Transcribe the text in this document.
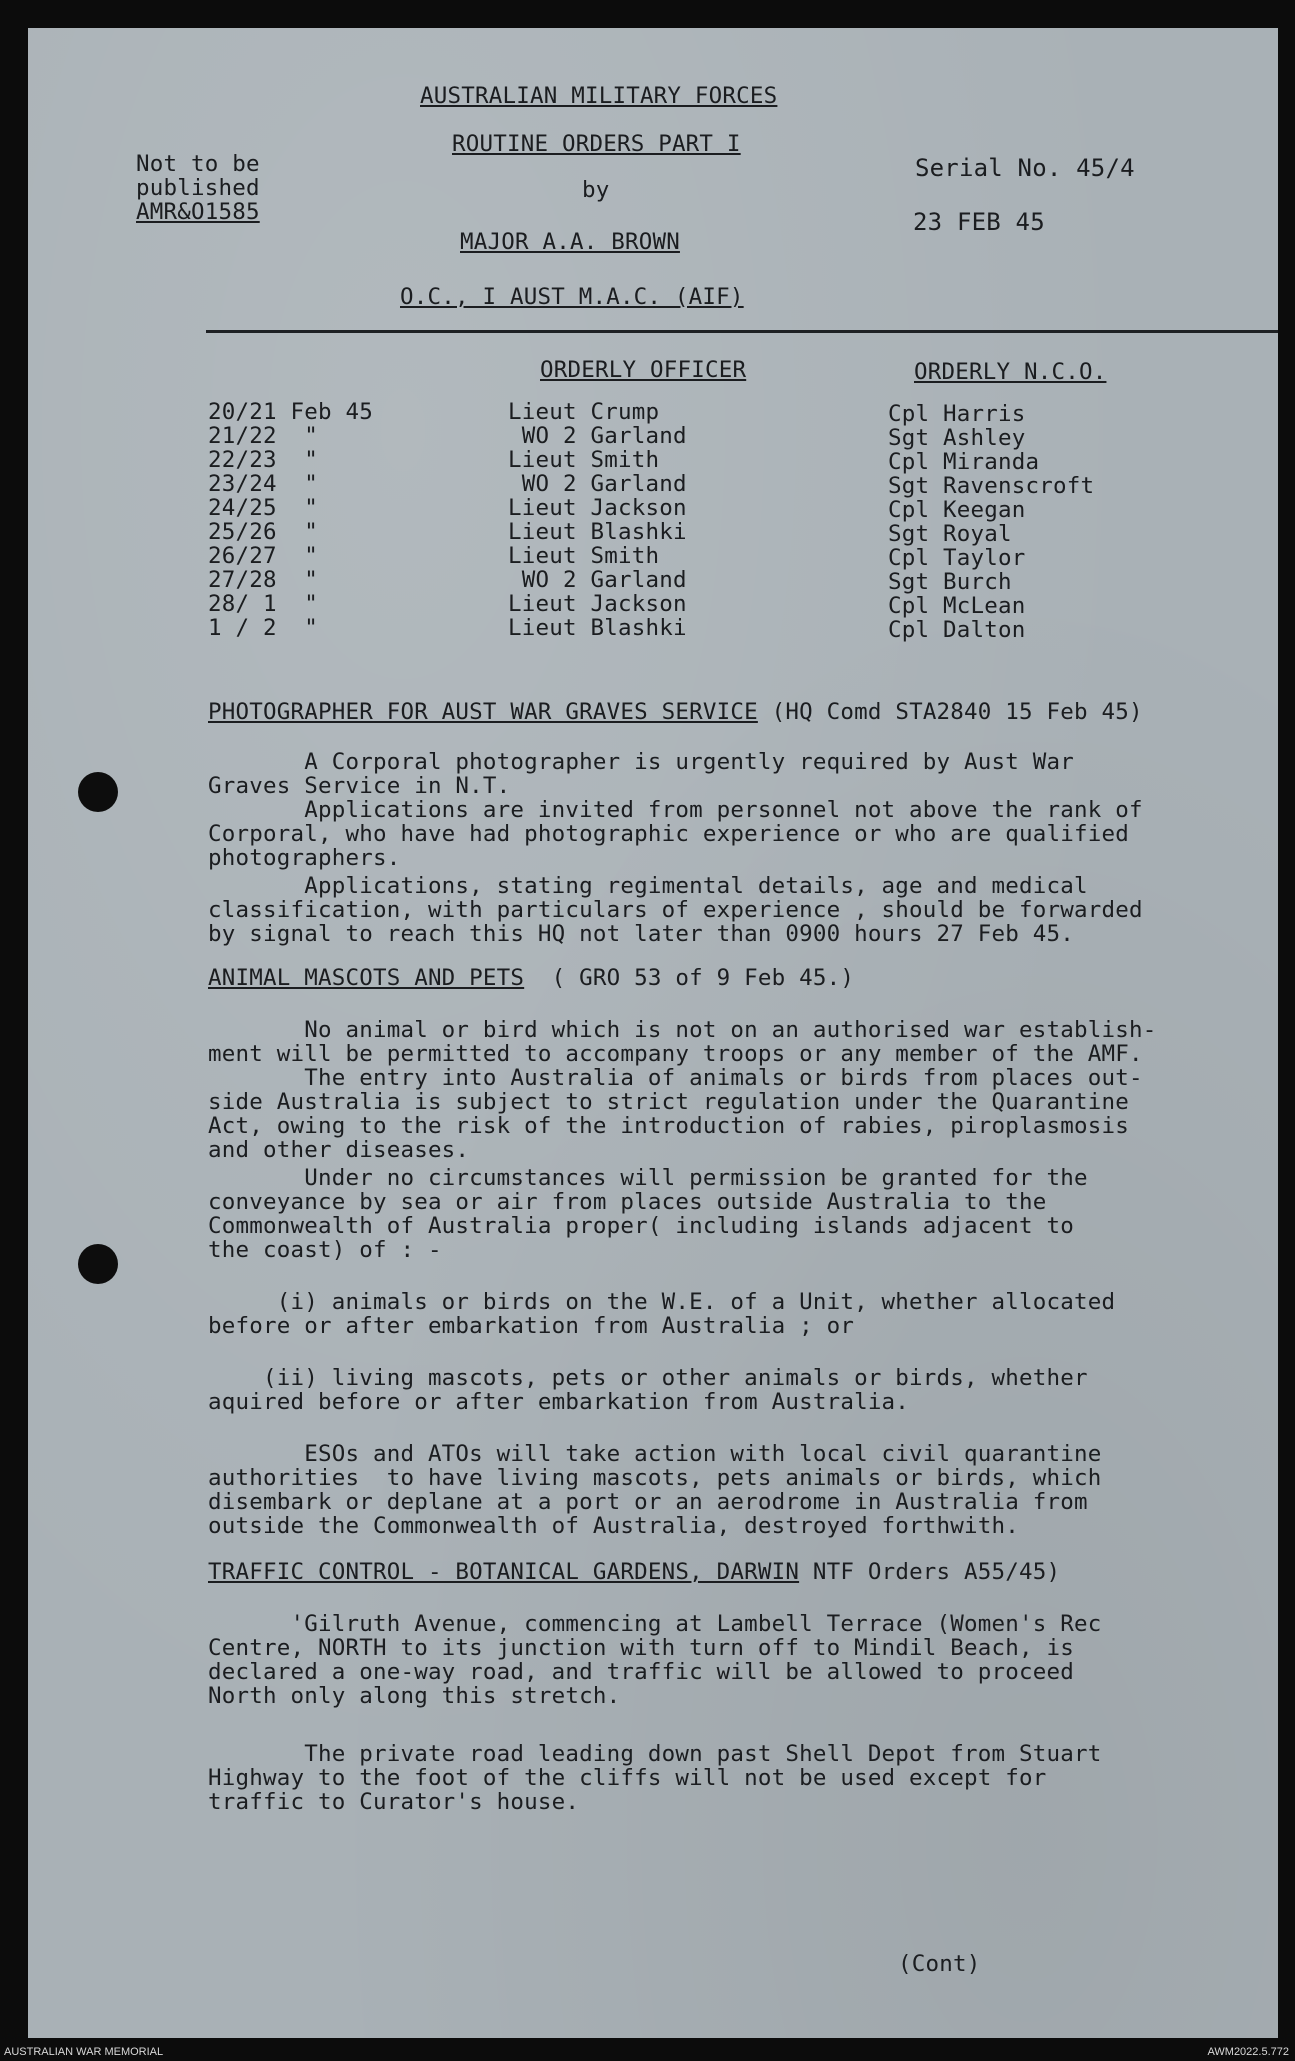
AUSTRALIAN MILITARY FORCES
ROUTINE ORDERS PART I
by
MAJOR A.A. BROWN
O.C., I AUST M.A.C. (AIF)
Not to be
published
AMR&O1585
Serial No. 45/4
23 FEB 45
ORDERLY OFFICER	ORDERLY N.C.O.
20/21 Feb 45	Lieut Crump	Cpl Harris
21/22  "	WO 2 Garland	Sgt Ashley
22/23  "	Lieut Smith	Cpl Miranda
23/24  "	WO 2 Garland	Sgt Ravenscroft
24/25  "	Lieut Jackson	Cpl Keegan
25/26  "	Lieut Blashki	Sgt Royal
26/27  "	Lieut Smith	Cpl Taylor
27/28  "	WO 2 Garland	Sgt Burch
28/ 1  "	Lieut Jackson	Cpl McLean
1 / 2  "	Lieut Blashki	Cpl Dalton
PHOTOGRAPHER FOR AUST WAR GRAVES SERVICE (HQ Comd STA2840 15 Feb 45)
A Corporal photographer is urgently required by Aust War
Graves Service in N.T.
Applications are invited from personnel not above the rank of
Corporal, who have had photographic experience or who are qualified
photographers.
Applications, stating regimental details, age and medical
classification, with particulars of experience , should be forwarded
by signal to reach this HQ not later than 0900 hours 27 Feb 45.
ANIMAL MASCOTS AND PETS  ( GRO 53 of 9 Feb 45.)
No animal or bird which is not on an authorised war establish-
ment will be permitted to accompany troops or any member of the AMF.
The entry into Australia of animals or birds from places out-
side Australia is subject to strict regulation under the Quarantine
Act, owing to the risk of the introduction of rabies, piroplasmosis
and other diseases.
Under no circumstances will permission be granted for the
conveyance by sea or air from places outside Australia to the
Commonwealth of Australia proper( including islands adjacent to
the coast) of : -
(i) animals or birds on the W.E. of a Unit, whether allocated
before or after embarkation from Australia ; or
(ii) living mascots, pets or other animals or birds, whether
aquired before or after embarkation from Australia.
ESOs and ATOs will take action with local civil quarantine
authorities  to have living mascots, pets animals or birds, which
disembark or deplane at a port or an aerodrome in Australia from
outside the Commonwealth of Australia, destroyed forthwith.
TRAFFIC CONTROL - BOTANICAL GARDENS, DARWIN NTF Orders A55/45)
'Gilruth Avenue, commencing at Lambell Terrace (Women's Rec
Centre, NORTH to its junction with turn off to Mindil Beach, is
declared a one-way road, and traffic will be allowed to proceed
North only along this stretch.
The private road leading down past Shell Depot from Stuart
Highway to the foot of the cliffs will not be used except for
traffic to Curator's house.
(Cont)
AUSTRALIAN WAR MEMORIAL	AWM2022.5.772
